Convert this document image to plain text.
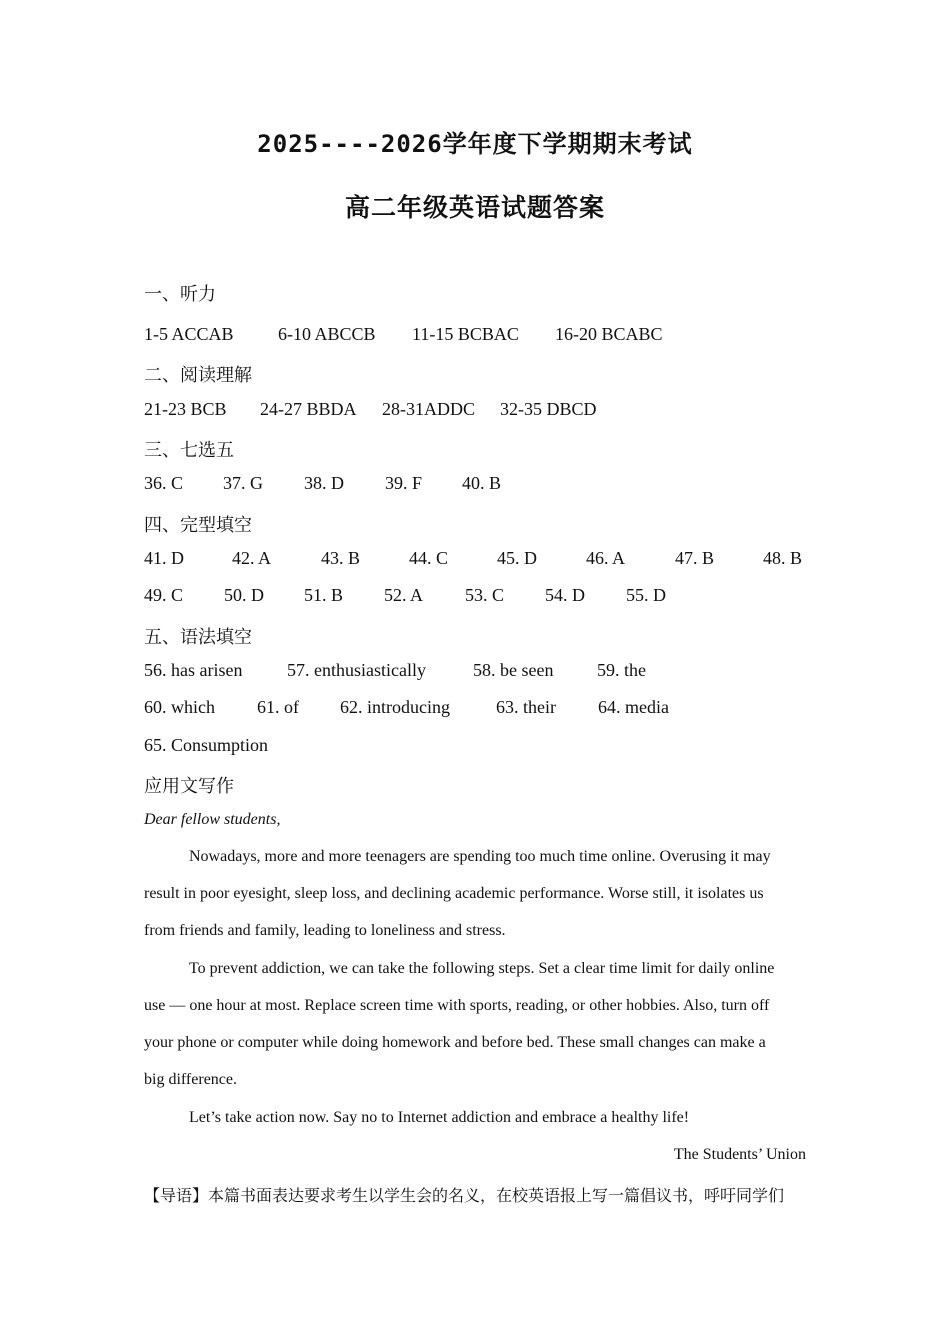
2025----2026学年度下学期期末考试
高二年级英语试题答案
一、听力
1-5 ACCAB 6-10 ABCCB 11-15 BCBAC 16-20 BCABC
二、阅读理解
21-23 BCB 24-27 BBDA 28-31ADDC 32-35 DBCD
三、七选五
36. C 37. G 38. D 39. F 40. B
四、完型填空
41. D	42. A	43. B	44. C	45. D	46. A	47. B	48. B
49. C 50. D 51. B 52. A 53. C 54. D 55. D
五、语法填空
56. has arisen 57. enthusiastically	58. be seen 59. the
60. which 61. of 62. introducing	63. their 64. media
65. Consumption
应用文写作
Dear fellow students,
Nowadays, more and more teenagers are spending too much time online. Overusing it may
result in poor eyesight, sleep loss, and declining academic performance. Worse still, it isolates us
from friends and family, leading to loneliness and stress.
To prevent addiction, we can take the following steps. Set a clear time limit for daily online
use — one hour at most. Replace screen time with sports, reading, or other hobbies. Also, turn off
your phone or computer while doing homework and before bed. These small changes can make a
big difference.
Let’s take action now. Say no to Internet addiction and embrace a healthy life!
The Students’ Union
【导语】本篇书面表达要求考生以学生会的名义，在校英语报上写一篇倡议书，呼吁同学们
